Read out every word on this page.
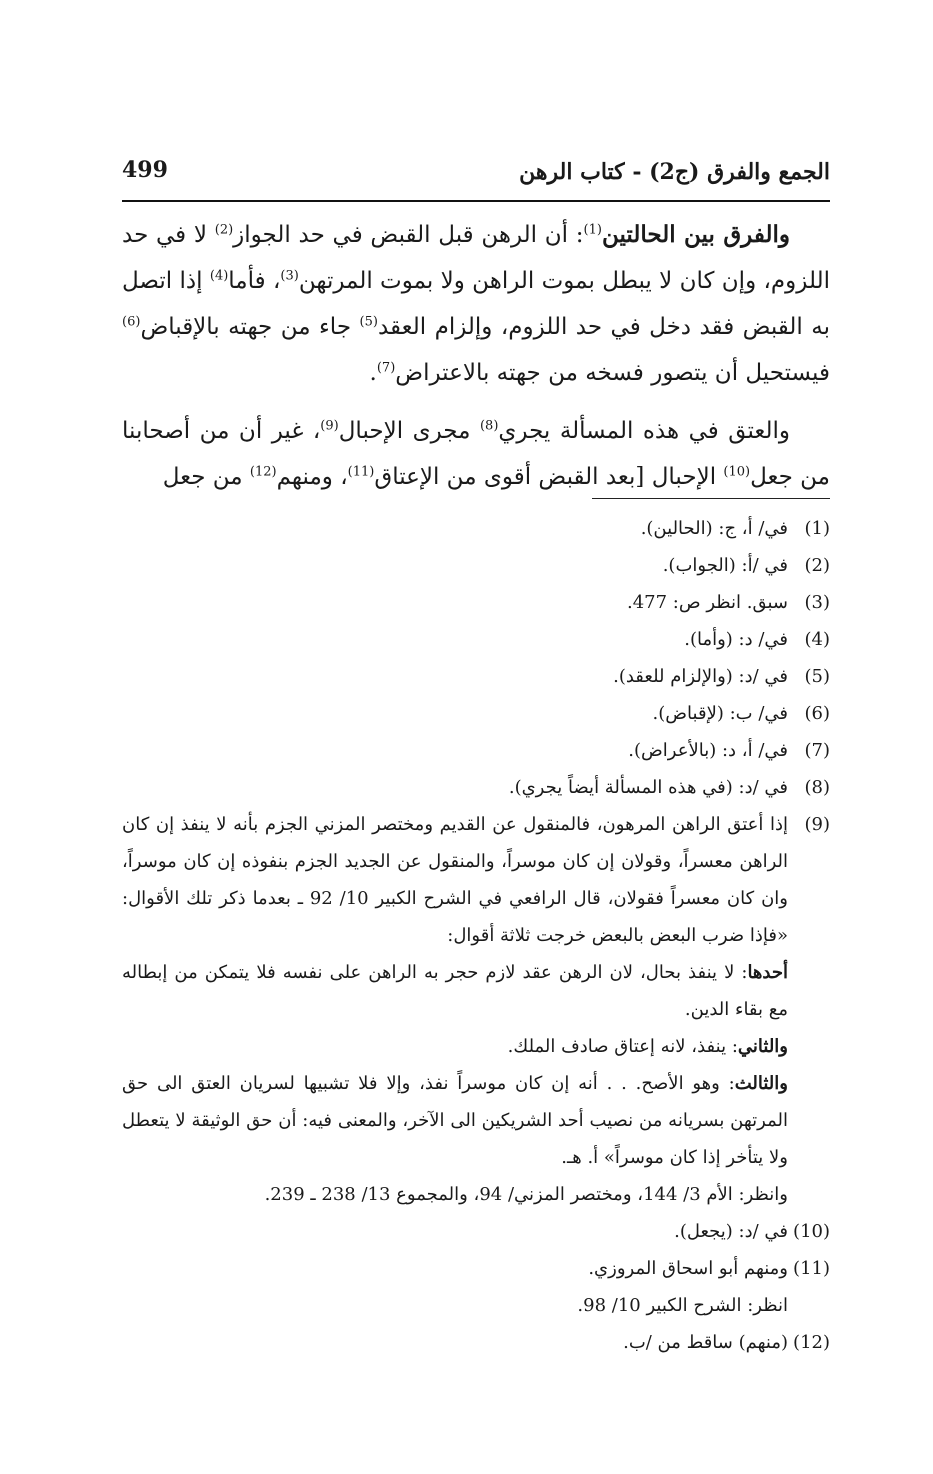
الجمع والفرق (ج2) - كتاب الرهن
499

والفرق بين الحالتين$^{(1)}$: أن الرهن قبل القبض في حد الجواز$^{(2)}$ لا في حد اللزوم، وإن كان لا يبطل بموت الراهن ولا بموت المرتهن$^{(3)}$، فأما$^{(4)}$ إذا اتصل به القبض فقد دخل في حد اللزوم، وإلزام العقد$^{(5)}$ جاء من جهته بالإقباض$^{(6)}$ فيستحيل أن يتصور فسخه من جهته بالاعتراض$^{(7)}$.

والعتق في هذه المسألة يجري$^{(8)}$ مجرى الإحبال$^{(9)}$، غير أن من أصحابنا من جعل$^{(10)}$ الإحبال [بعد القبض أقوى من الإعتاق$^{(11)}$، ومنهم$^{(12)}$ من جعل

(1)
في/ أ، ج: (الحالين).
(2)
في /أ: (الجواب).
(3)
سبق. انظر ص: 477.
(4)
في/ د: (وأما).
(5)
في /د: (والإلزام للعقد).
(6)
في/ ب: (لإقباض).
(7)
في/ أ، د: (بالأعراض).
(8)
في /د: (في هذه المسألة أيضاً يجري).
(9)
إذا أعتق الراهن المرهون، فالمنقول عن القديم ومختصر المزني الجزم بأنه لا ينفذ إن كان الراهن معسراً، وقولان إن كان موسراً، والمنقول عن الجديد الجزم بنفوذه إن كان موسراً، وان كان معسراً فقولان، قال الرافعي في الشرح الكبير 10/ 92 ـ بعدما ذكر تلك الأقوال: «فإذا ضرب البعض بالبعض خرجت ثلاثة أقوال:
أحدها: لا ينفذ بحال، لان الرهن عقد لازم حجر به الراهن على نفسه فلا يتمكن من إبطاله مع بقاء الدين.
والثاني: ينفذ، لانه إعتاق صادف الملك.
والثالث: وهو الأصح. . . أنه إن كان موسراً نفذ، وإلا فلا تشبيها لسريان العتق الى حق المرتهن بسريانه من نصيب أحد الشريكين الى الآخر، والمعنى فيه: أن حق الوثيقة لا يتعطل ولا يتأخر إذا كان موسراً» أ. هـ.
وانظر: الأم 3/ 144، ومختصر المزني/ 94، والمجموع 13/ 238 ـ 239.
(10)
في /د: (يجعل).
(11)
ومنهم أبو اسحاق المروزي.
انظر: الشرح الكبير 10/ 98.
(12)
(منهم) ساقط من /ب.
